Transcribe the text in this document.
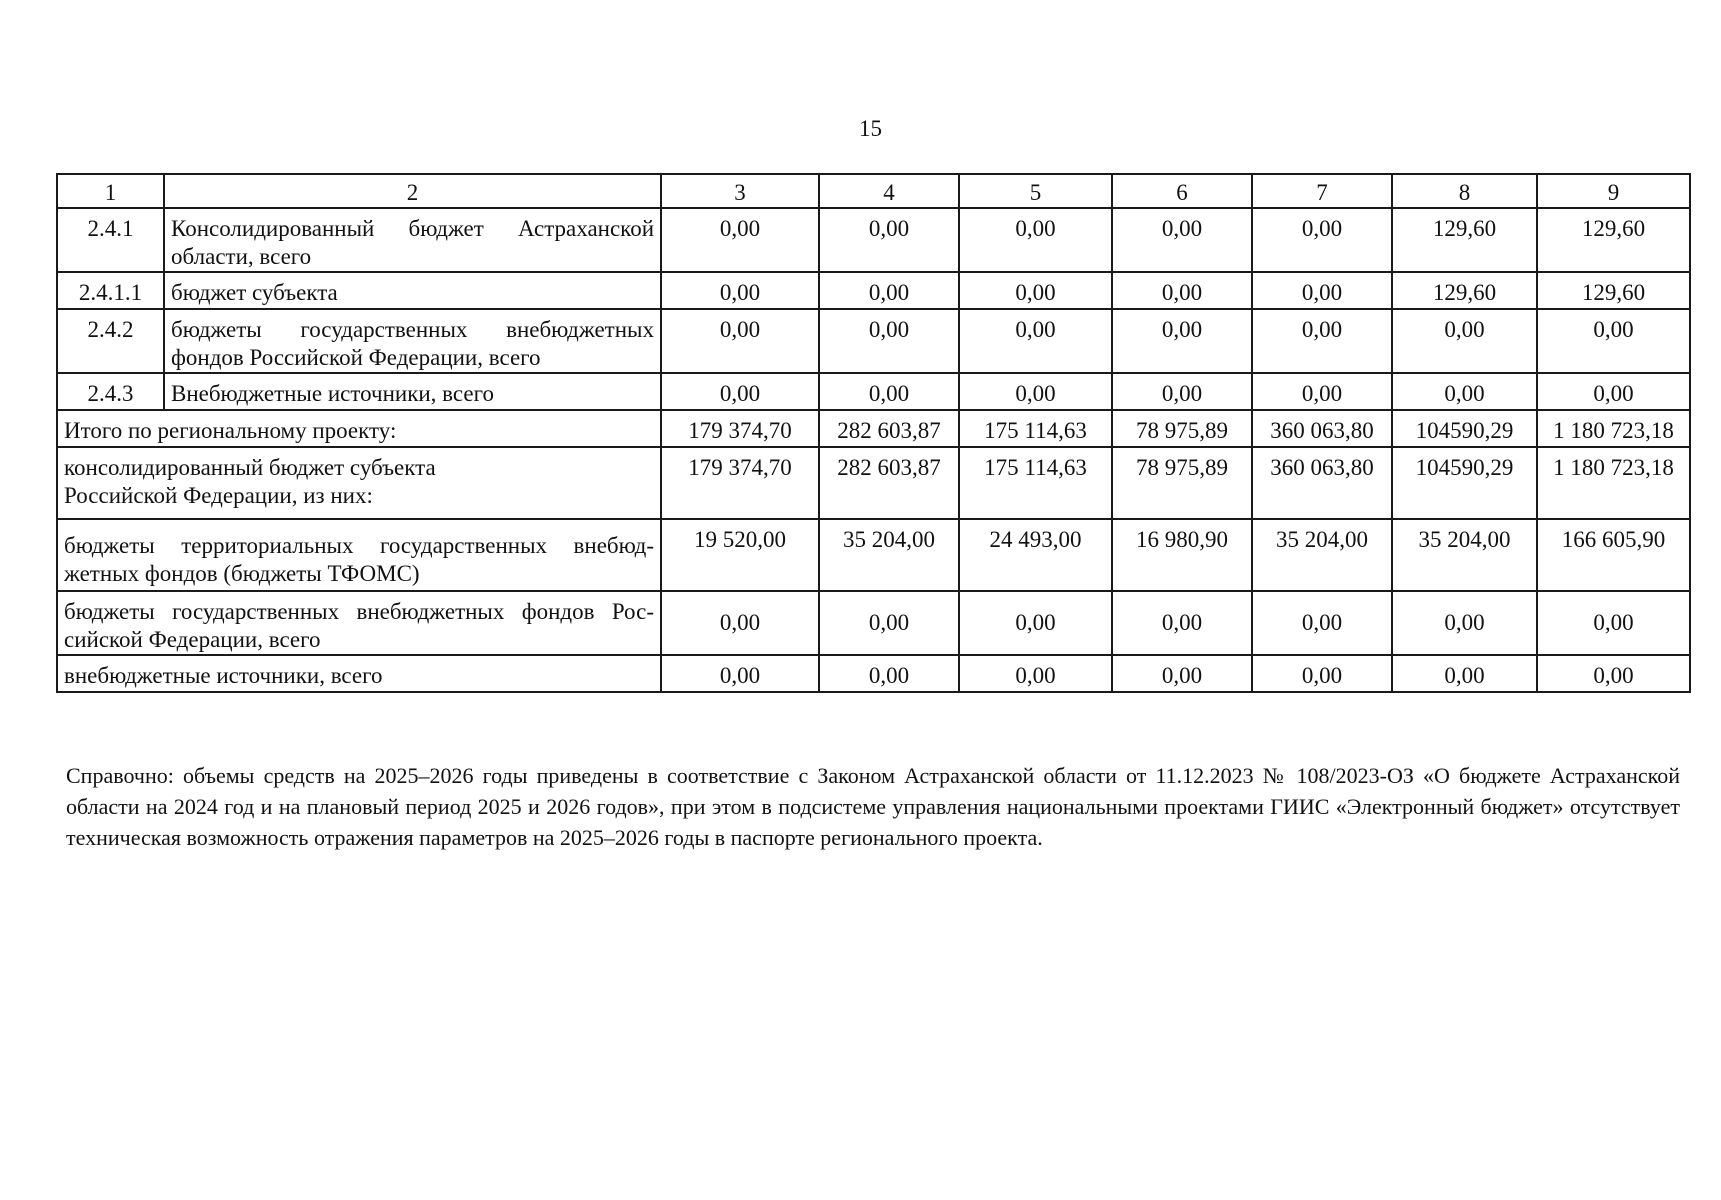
15
1	2	3	4	5	6	7	8	9
2.4.1	Консолидированный бюджет Астраханской области, всего	0,00	0,00	0,00	0,00	0,00	129,60	129,60
2.4.1.1	бюджет субъекта	0,00	0,00	0,00	0,00	0,00	129,60	129,60
2.4.2	бюджеты государственных внебюджетных фондов Российской Федерации, всего	0,00	0,00	0,00	0,00	0,00	0,00	0,00
2.4.3	Внебюджетные источники, всего	0,00	0,00	0,00	0,00	0,00	0,00	0,00
Итого по региональному проекту:		179 374,70	282 603,87	175 114,63	78 975,89	360 063,80	104590,29	1 180 723,18
консолидированный бюджет субъекта Российской Федерации, из них:		179 374,70	282 603,87	175 114,63	78 975,89	360 063,80	104590,29	1 180 723,18
бюджеты территориальных государственных внебюд-жетных фондов (бюджеты ТФОМС)		19 520,00	35 204,00	24 493,00	16 980,90	35 204,00	35 204,00	166 605,90
бюджеты государственных внебюджетных фондов Рос-сийской Федерации, всего		0,00	0,00	0,00	0,00	0,00	0,00	0,00
внебюджетные источники, всего		0,00	0,00	0,00	0,00	0,00	0,00	0,00
Справочно: объемы средств на 2025–2026 годы приведены в соответствие с Законом Астраханской области от 11.12.2023 № 108/2023-ОЗ «О бюджете Астраханской области на 2024 год и на плановый период 2025 и 2026 годов», при этом в подсистеме управления национальными проектами ГИИС «Электронный бюджет» отсутствует техническая возможность отражения параметров на 2025–2026 годы в паспорте регионального проекта.
